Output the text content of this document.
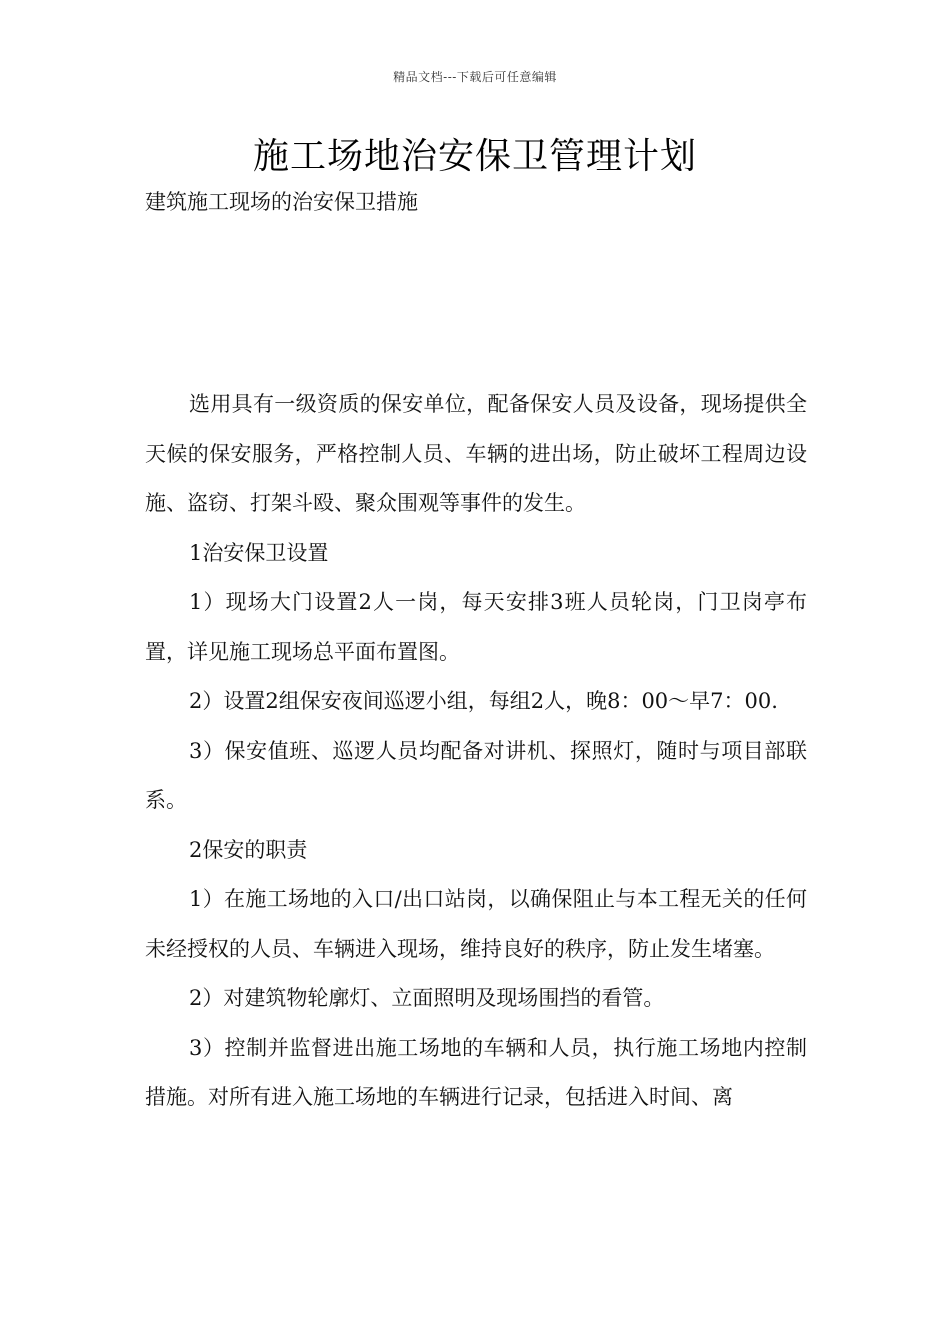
精品文档---下载后可任意编辑
施工场地治安保卫管理计划
建筑施工现场的治安保卫措施

选用具有一级资质的保安单位，配备保安人员及设备，现场提供全天候的保安服务，严格控制人员、车辆的进出场，防止破坏工程周边设施、盗窃、打架斗殴、聚众围观等事件的发生。

1治安保卫设置

1）现场大门设置2人一岗，每天安排3班人员轮岗，门卫岗亭布置，详见施工现场总平面布置图。

2）设置2组保安夜间巡逻小组，每组2人，晚8：00～早7：00.

3）保安值班、巡逻人员均配备对讲机、探照灯，随时与项目部联系。

2保安的职责

1）在施工场地的入口/出口站岗，以确保阻止与本工程无关的任何未经授权的人员、车辆进入现场，维持良好的秩序，防止发生堵塞。

2）对建筑物轮廓灯、立面照明及现场围挡的看管。

3）控制并监督进出施工场地的车辆和人员，执行施工场地内控制措施。对所有进入施工场地的车辆进行记录，包括进入时间、离
